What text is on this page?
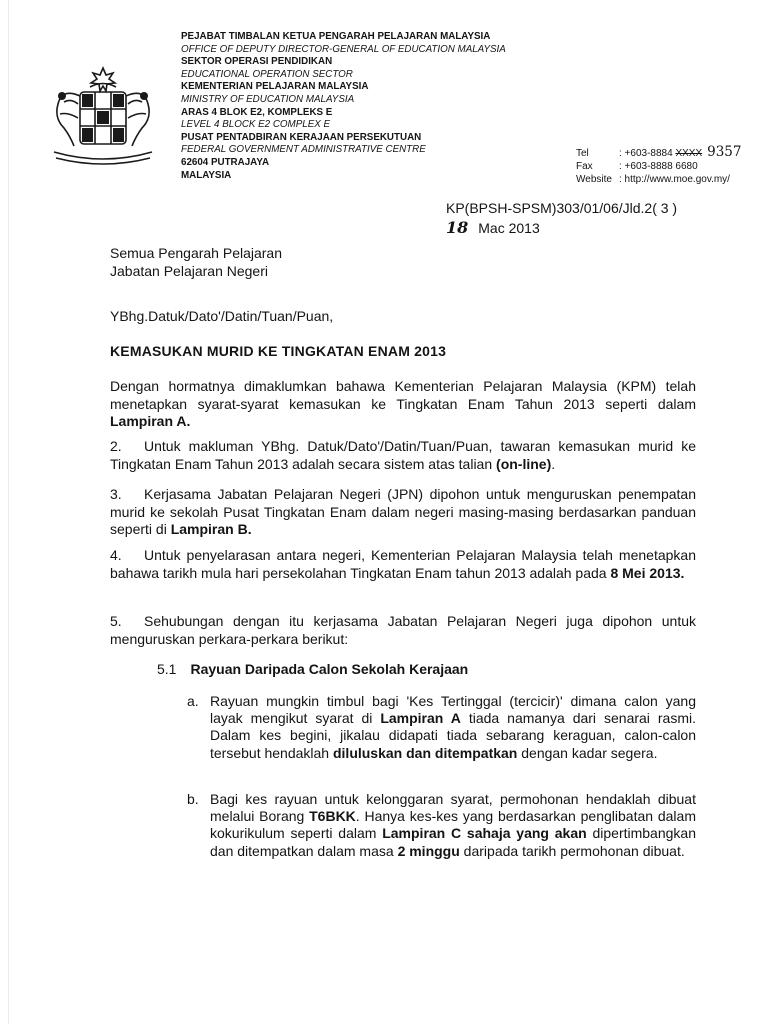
PEJABAT TIMBALAN KETUA PENGARAH PELAJARAN MALAYSIA
OFFICE OF DEPUTY DIRECTOR-GENERAL OF EDUCATION MALAYSIA
SEKTOR OPERASI PENDIDIKAN
EDUCATIONAL OPERATION SECTOR
KEMENTERIAN PELAJARAN MALAYSIA
MINISTRY OF EDUCATION MALAYSIA
ARAS 4 BLOK E2, KOMPLEKS E
LEVEL 4 BLOCK E2 COMPLEX E
PUSAT PENTADBIRAN KERAJAAN PERSEKUTUAN
FEDERAL GOVERNMENT ADMINISTRATIVE CENTRE
62604 PUTRAJAYA
MALAYSIA
Tel	: +603-8884 XXXX 9357
Fax	: +603-8888 6680
Website : http://www.moe.gov.my/
KP(BPSH-SPSM)303/01/06/Jld.2( 3 )
18 Mac 2013
Semua Pengarah Pelajaran
Jabatan Pelajaran Negeri
YBhg.Datuk/Dato'/Datin/Tuan/Puan,
KEMASUKAN MURID KE TINGKATAN ENAM 2013
Dengan hormatnya dimaklumkan bahawa Kementerian Pelajaran Malaysia (KPM) telah menetapkan syarat-syarat kemasukan ke Tingkatan Enam Tahun 2013 seperti dalam Lampiran A.
2. Untuk makluman YBhg. Datuk/Dato'/Datin/Tuan/Puan, tawaran kemasukan murid ke Tingkatan Enam Tahun 2013 adalah secara sistem atas talian (on-line).
3. Kerjasama Jabatan Pelajaran Negeri (JPN) dipohon untuk menguruskan penempatan murid ke sekolah Pusat Tingkatan Enam dalam negeri masing-masing berdasarkan panduan seperti di Lampiran B.
4. Untuk penyelarasan antara negeri, Kementerian Pelajaran Malaysia telah menetapkan bahawa tarikh mula hari persekolahan Tingkatan Enam tahun 2013 adalah pada 8 Mei 2013.
5. Sehubungan dengan itu kerjasama Jabatan Pelajaran Negeri juga dipohon untuk menguruskan perkara-perkara berikut:
5.1 Rayuan Daripada Calon Sekolah Kerajaan
a. Rayuan mungkin timbul bagi 'Kes Tertinggal (tercicir)' dimana calon yang layak mengikut syarat di Lampiran A tiada namanya dari senarai rasmi. Dalam kes begini, jikalau didapati tiada sebarang keraguan, calon-calon tersebut hendaklah diluluskan dan ditempatkan dengan kadar segera.
b. Bagi kes rayuan untuk kelonggaran syarat, permohonan hendaklah dibuat melalui Borang T6BKK. Hanya kes-kes yang berdasarkan penglibatan dalam kokurikulum seperti dalam Lampiran C sahaja yang akan dipertimbangkan dan ditempatkan dalam masa 2 minggu daripada tarikh permohonan dibuat.
